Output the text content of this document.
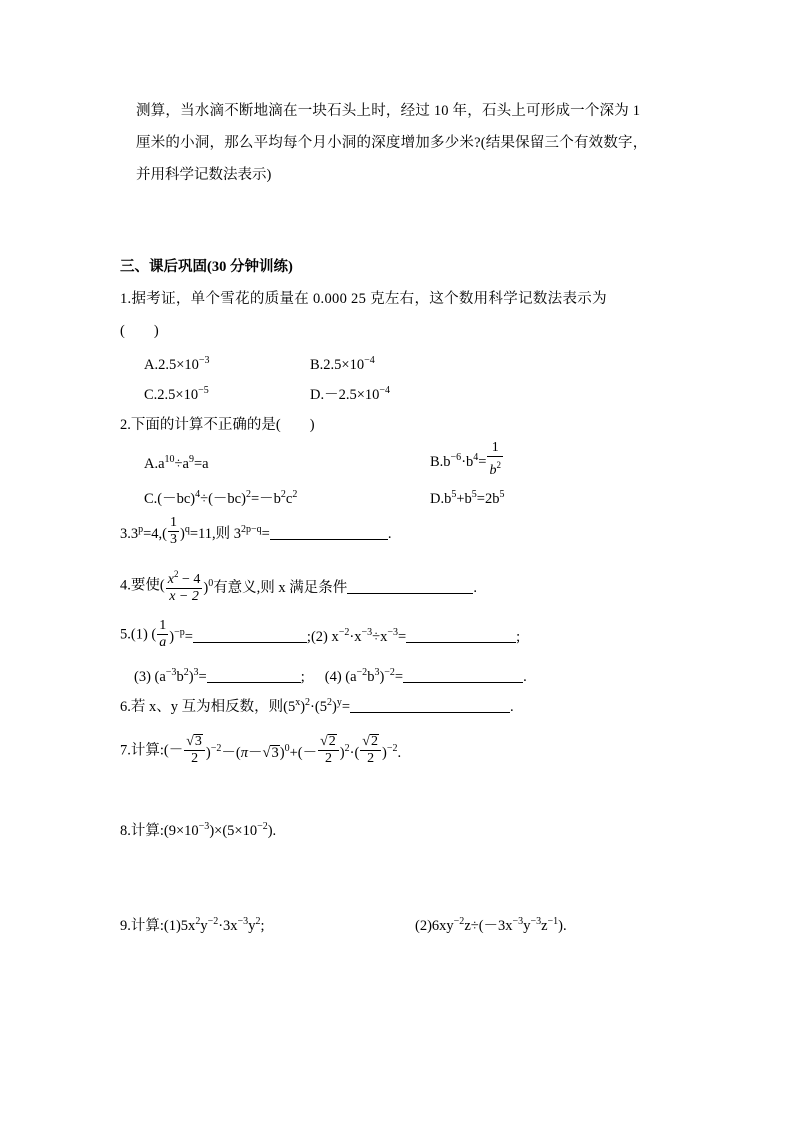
测算，当水滴不断地滴在一块石头上时，经过 10 年，石头上可形成一个深为 1
厘米的小洞，那么平均每个月小洞的深度增加多少米?(结果保留三个有效数字，
并用科学记数法表示)
三、课后巩固(30 分钟训练)
1.据考证，单个雪花的质量在 0.000 25 克左右，这个数用科学记数法表示为
(　　)
$A.2.5\times 10^{-3}$	$B.2.5\times 10^{-4}$
$C.2.5\times 10^{-5}$	$D.-2.5\times 10^{-4}$
2.下面的计算不正确的是(　　)
$A.a^{10}\div a^9=a$	$B.b^{-6}\cdot b^4= \frac{1}{b^2}$
$C.(-bc)^4\div(-bc)^2=-b^2c^2$	$D.b^5+b^5=2b^5$
$3.3^p=4,( \frac{1}{3} )^q=11$,则 $3^{2p-q}=$	.
4.要使( $\frac{x^2 - 4}{x - 2} )^0$有意义,则 x 满足条件	.
5.(1) ( $\frac{1}{a} )^{-p}=$	;(2) $x^{-2}\cdot x^{-3}\div x^{-3}=$	;
(3) $(a^{-3}b^2)^3=$	; (4) $(a^{-2}b^3)^{-2}=$	.
6.若 x、y 互为相反数，则$(5^x)^2\cdot(5^2)^y=$	.
7.计算:(－ $\frac{√3}{2} )^{-2}-(\pi-√3)^0+(- \frac{√2}{2} )^2\cdot( \frac{√2}{2} )^{-2}$.
8.计算$:(9\times 10^{-3})\times(5\times 10^{-2})$.
9.计算$:(1)5x^2y^{-2}\cdot 3x^{-3}y^2$;	$(2)6xy^{-2}z\div(-3x^{-3}y^{-3}z^{-1})$.
